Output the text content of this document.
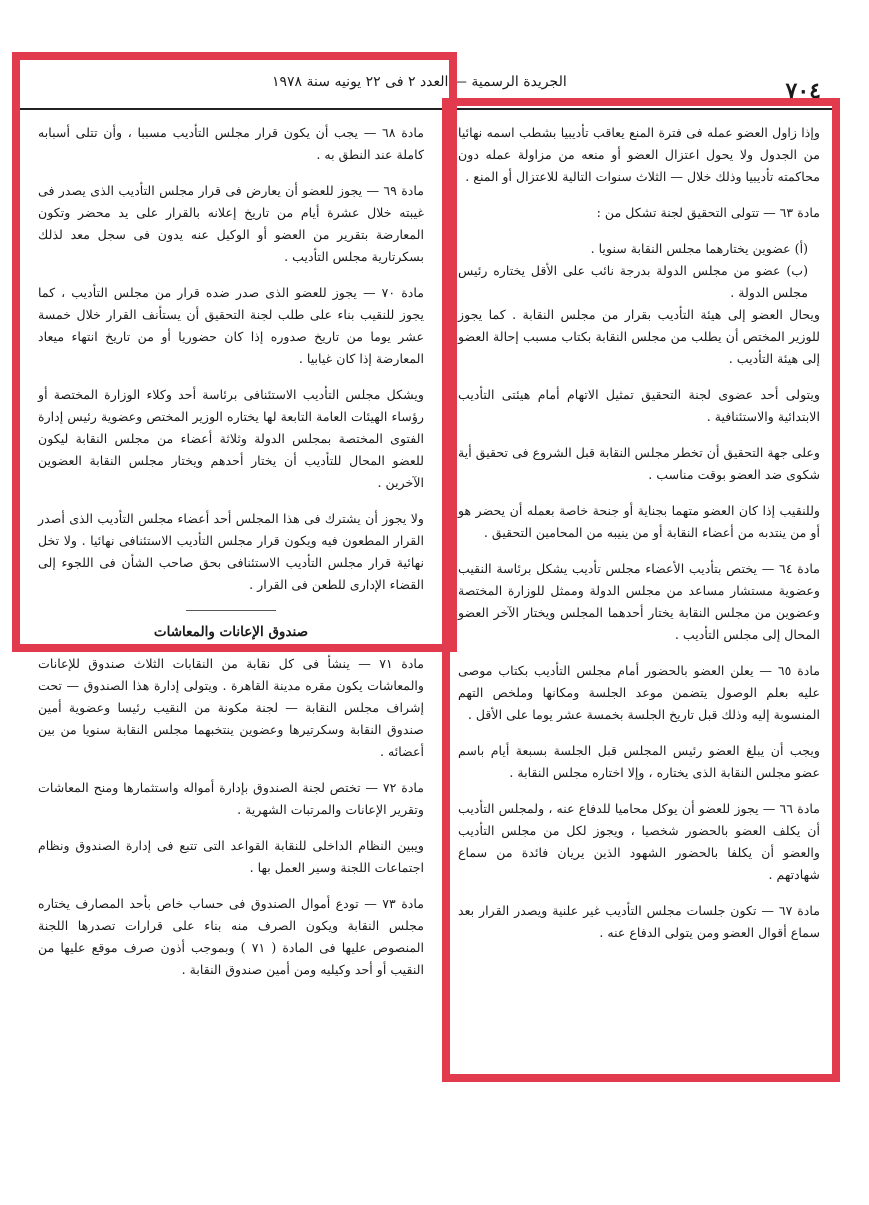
٧٠٤
الجريدة الرسمية — العدد ٢ فى ٢٢ يونيه سنة ١٩٧٨

وإذا زاول العضو عمله فى فترة المنع يعاقب تأديبيا بشطب اسمه نهائيا من الجدول ولا يحول اعتزال العضو أو منعه من مزاولة عمله دون محاكمته تأديبيا وذلك خلال — الثلاث سنوات التالية للاعتزال أو المنع .

مادة ٦٣ — تتولى التحقيق لجنة تشكل من :

(أ) عضوين يختارهما مجلس النقابة سنويا .

(ب) عضو من مجلس الدولة بدرجة نائب على الأقل يختاره رئيس مجلس الدولة .

ويحال العضو إلى هيئة التأديب بقرار من مجلس النقابة . كما يجوز للوزير المختص أن يطلب من مجلس النقابة بكتاب مسبب إحالة العضو إلى هيئة التأديب .

ويتولى أحد عضوى لجنة التحقيق تمثيل الاتهام أمام هيئتى التأديب الابتدائية والاستئنافية .

وعلى جهة التحقيق أن تخطر مجلس النقابة قبل الشروع فى تحقيق أية شكوى ضد العضو بوقت مناسب .

وللنقيب إذا كان العضو متهما بجناية أو جنحة خاصة بعمله أن يحضر هو أو من ينتدبه من أعضاء النقابة أو من ينيبه من المحامين التحقيق .

مادة ٦٤ — يختص بتأديب الأعضاء مجلس تأديب يشكل برئاسة النقيب وعضوية مستشار مساعد من مجلس الدولة وممثل للوزارة المختصة وعضوين من مجلس النقابة يختار أحدهما المجلس ويختار الآخر العضو المحال إلى مجلس التأديب .

مادة ٦٥ — يعلن العضو بالحضور أمام مجلس التأديب بكتاب موصى عليه بعلم الوصول يتضمن موعد الجلسة ومكانها وملخص التهم المنسوبة إليه وذلك قبل تاريخ الجلسة بخمسة عشر يوما على الأقل .

ويجب أن يبلغ العضو رئيس المجلس قبل الجلسة بسبعة أيام باسم عضو مجلس النقابة الذى يختاره ، وإلا اختاره مجلس النقابة .

مادة ٦٦ — يجوز للعضو أن يوكل محاميا للدفاع عنه ، ولمجلس التأديب أن يكلف العضو بالحضور شخصيا ، ويجوز لكل من مجلس التأديب والعضو أن يكلفا بالحضور الشهود الذين يريان فائدة من سماع شهادتهم .

مادة ٦٧ — تكون جلسات مجلس التأديب غير علنية ويصدر القرار بعد سماع أقوال العضو ومن يتولى الدفاع عنه .

مادة ٦٨ — يجب أن يكون قرار مجلس التأديب مسببا ، وأن تتلى أسبابه كاملة عند النطق به .

مادة ٦٩ — يجوز للعضو أن يعارض فى قرار مجلس التأديب الذى يصدر فى غيبته خلال عشرة أيام من تاريخ إعلانه بالقرار على يد محضر وتكون المعارضة بتقرير من العضو أو الوكيل عنه يدون فى سجل معد لذلك بسكرتارية مجلس التأديب .

مادة ٧٠ — يجوز للعضو الذى صدر ضده قرار من مجلس التأديب ، كما يجوز للنقيب بناء على طلب لجنة التحقيق أن يستأنف القرار خلال خمسة عشر يوما من تاريخ صدوره إذا كان حضوريا أو من تاريخ انتهاء ميعاد المعارضة إذا كان غيابيا .

ويشكل مجلس التأديب الاستئنافى برئاسة أحد وكلاء الوزارة المختصة أو رؤساء الهيئات العامة التابعة لها يختاره الوزير المختص وعضوية رئيس إدارة الفتوى المختصة بمجلس الدولة وثلاثة أعضاء من مجلس النقابة ليكون للعضو المحال للتأديب أن يختار أحدهم ويختار مجلس النقابة العضوين الآخرين .

ولا يجوز أن يشترك فى هذا المجلس أحد أعضاء مجلس التأديب الذى أصدر القرار المطعون فيه ويكون قرار مجلس التأديب الاستئنافى نهائيا . ولا تخل نهائية قرار مجلس التأديب الاستئنافى بحق صاحب الشأن فى اللجوء إلى القضاء الإدارى للطعن فى القرار .

صندوق الإعانات والمعاشات

مادة ٧١ — ينشأ فى كل نقابة من النقابات الثلاث صندوق للإعانات والمعاشات يكون مقره مدينة القاهرة . ويتولى إدارة هذا الصندوق — تحت إشراف مجلس النقابة — لجنة مكونة من النقيب رئيسا وعضوية أمين صندوق النقابة وسكرتيرها وعضوين ينتخبهما مجلس النقابة سنويا من بين أعضائه .

مادة ٧٢ — تختص لجنة الصندوق بإدارة أمواله واستثمارها ومنح المعاشات وتقرير الإعانات والمرتبات الشهرية .

ويبين النظام الداخلى للنقابة القواعد التى تتبع فى إدارة الصندوق ونظام اجتماعات اللجنة وسير العمل بها .

مادة ٧٣ — تودع أموال الصندوق فى حساب خاص بأحد المصارف يختاره مجلس النقابة ويكون الصرف منه بناء على قرارات تصدرها اللجنة المنصوص عليها فى المادة ( ٧١ ) وبموجب أذون صرف موقع عليها من النقيب أو أحد وكيليه ومن أمين صندوق النقابة .
